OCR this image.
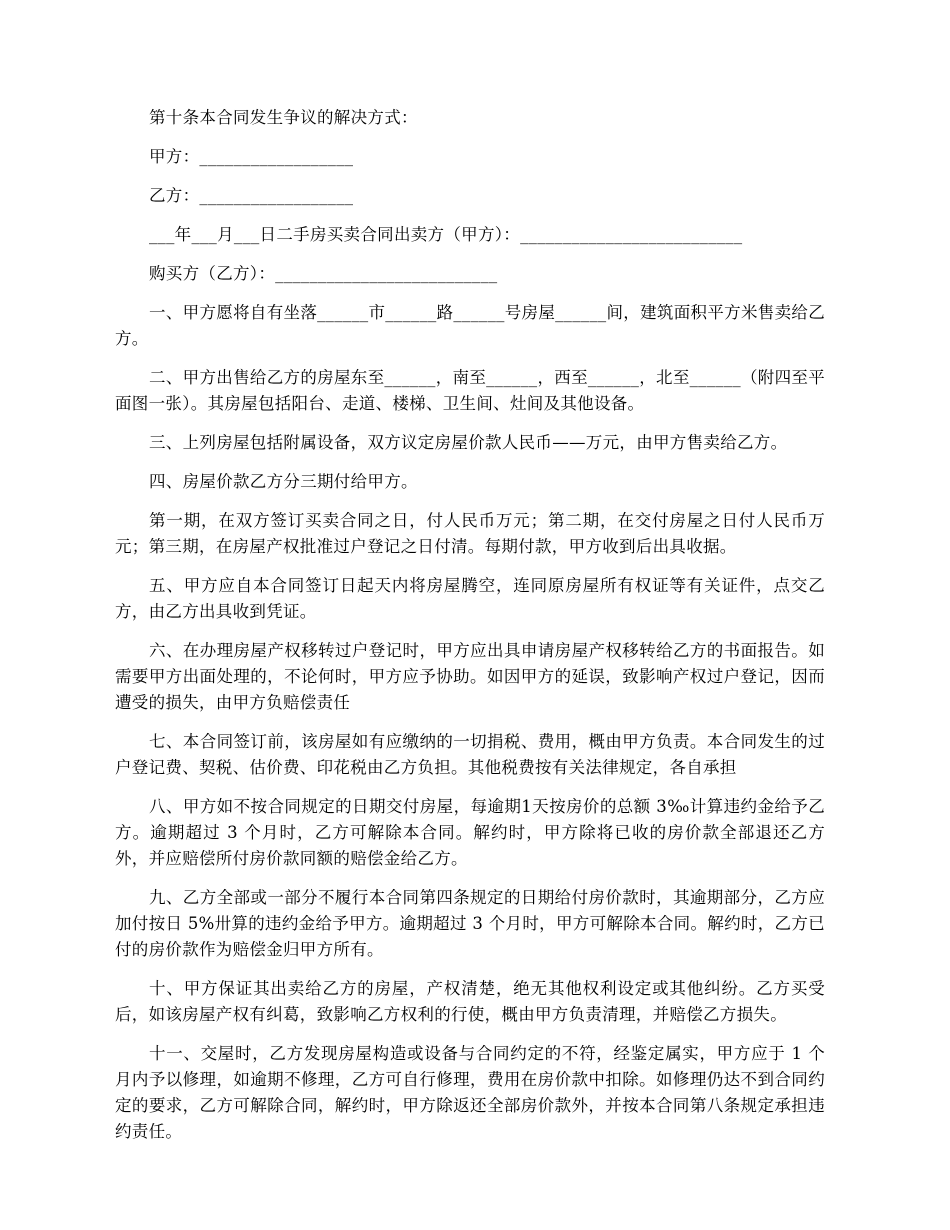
第十条本合同发生争议的解决方式：

甲方：__________________

乙方：__________________

___年___月___日二手房买卖合同出卖方（甲方）：__________________________

购买方（乙方）：__________________________

一、甲方愿将自有坐落______市______路______号房屋______间，建筑面积平方米售卖给乙方。

二、甲方出售给乙方的房屋东至______，南至______，西至______，北至______（附四至平面图一张）。其房屋包括阳台、走道、楼梯、卫生间、灶间及其他设备。

三、上列房屋包括附属设备，双方议定房屋价款人民币——万元，由甲方售卖给乙方。

四、房屋价款乙方分三期付给甲方。

第一期，在双方签订买卖合同之日，付人民币万元；第二期，在交付房屋之日付人民币万元；第三期，在房屋产权批准过户登记之日付清。每期付款，甲方收到后出具收据。

五、甲方应自本合同签订日起天内将房屋腾空，连同原房屋所有权证等有关证件，点交乙方，由乙方出具收到凭证。

六、在办理房屋产权移转过户登记时，甲方应出具申请房屋产权移转给乙方的书面报告。如需要甲方出面处理的，不论何时，甲方应予协助。如因甲方的延误，致影响产权过户登记，因而遭受的损失，由甲方负赔偿责任

七、本合同签订前，该房屋如有应缴纳的一切捐税、费用，概由甲方负责。本合同发生的过户登记费、契税、估价费、印花税由乙方负担。其他税费按有关法律规定，各自承担

八、甲方如不按合同规定的日期交付房屋，每逾期1天按房价的总额 3‰计算违约金给予乙方。逾期超过 3 个月时，乙方可解除本合同。解约时，甲方除将已收的房价款全部退还乙方外，并应赔偿所付房价款同额的赔偿金给乙方。

九、乙方全部或一部分不履行本合同第四条规定的日期给付房价款时，其逾期部分，乙方应加付按日 5%卅算的违约金给予甲方。逾期超过 3 个月时，甲方可解除本合同。解约时，乙方已付的房价款作为赔偿金归甲方所有。

十、甲方保证其出卖给乙方的房屋，产权清楚，绝无其他权利设定或其他纠纷。乙方买受后，如该房屋产权有纠葛，致影响乙方权利的行使，概由甲方负责清理，并赔偿乙方损失。

十一、交屋时，乙方发现房屋构造或设备与合同约定的不符，经鉴定属实，甲方应于 1 个月内予以修理，如逾期不修理，乙方可自行修理，费用在房价款中扣除。如修理仍达不到合同约定的要求，乙方可解除合同，解约时，甲方除返还全部房价款外，并按本合同第八条规定承担违约责任。
